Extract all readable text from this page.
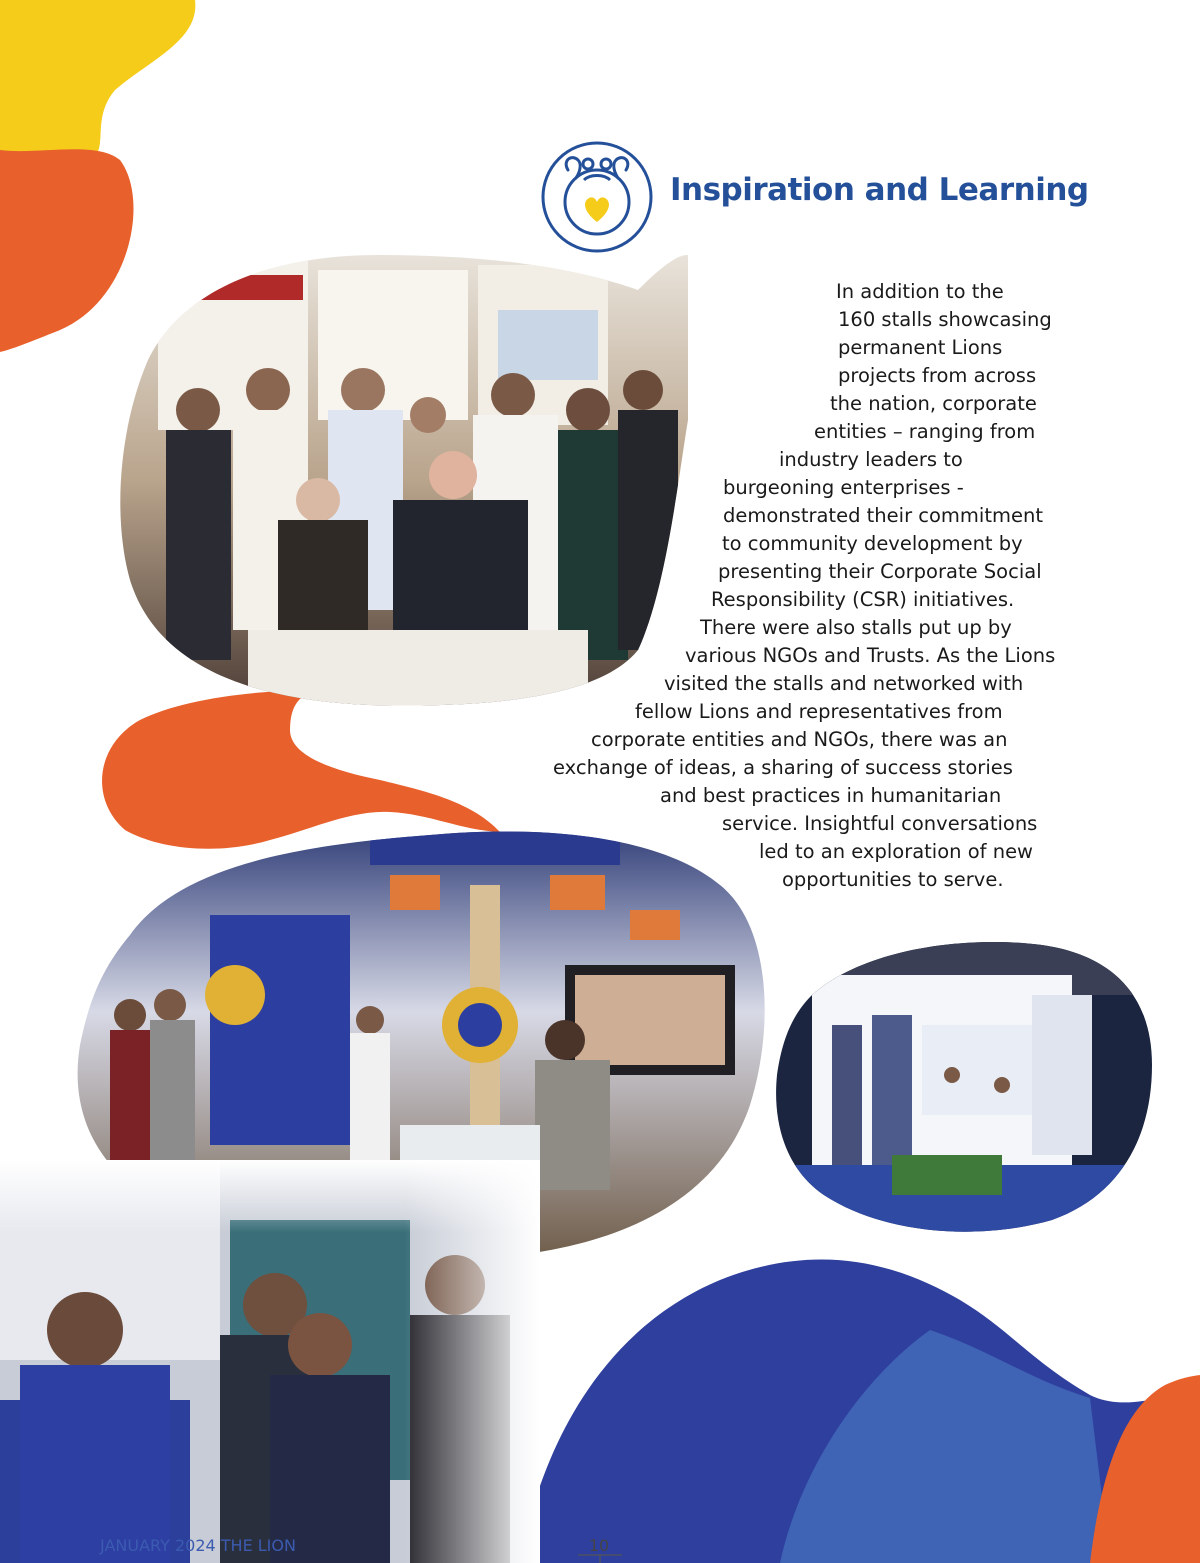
Inspiration and Learning

In addition to the

160 stalls showcasing

permanent Lions

projects from across

the nation, corporate

entities – ranging from

industry leaders to

burgeoning enterprises -

demonstrated their commitment

to community development by

presenting their Corporate Social

Responsibility (CSR) initiatives.

There were also stalls put up by

various NGOs and Trusts. As the Lions

visited the stalls and networked with

fellow Lions and representatives from

corporate entities and NGOs, there was an

exchange of ideas, a sharing of success stories

and best practices in humanitarian

service. Insightful conversations

led to an exploration of new

opportunities to serve.

JANUARY 2024 THE LION	10
